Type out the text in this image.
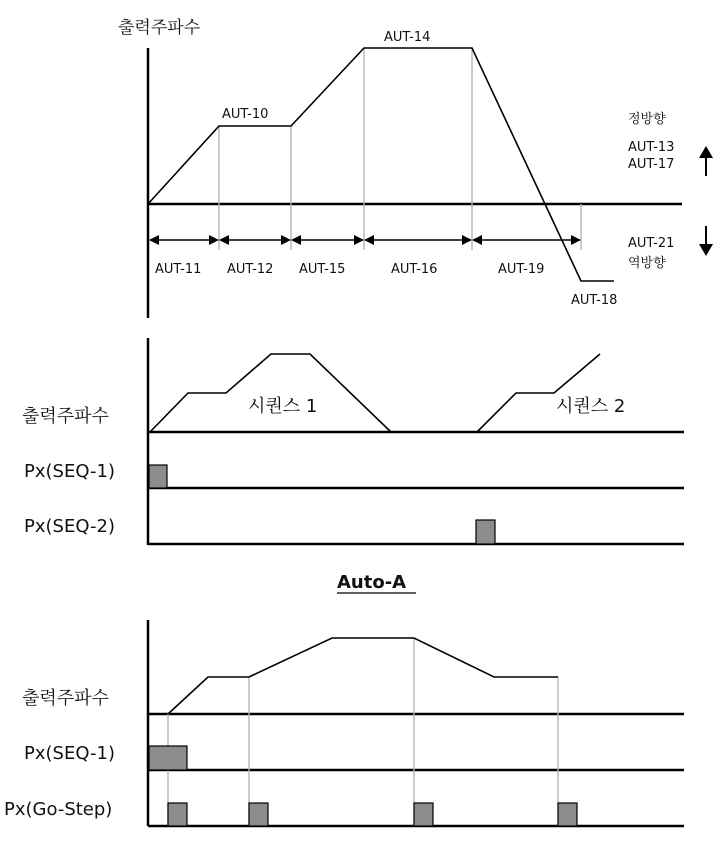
출력주파수
AUT-10
AUT-14
AUT-11 AUT-12 AUT-15	AUT-16	AUT-19
AUT-18
정방향
AUT-13
AUT-17
AUT-21
역방향
출력주파수	시퀀스 1	시퀀스 2
Px(SEQ-1)
Px(SEQ-2)
Auto-A
출력주파수
Px(SEQ-1)
Px(Go-Step)
